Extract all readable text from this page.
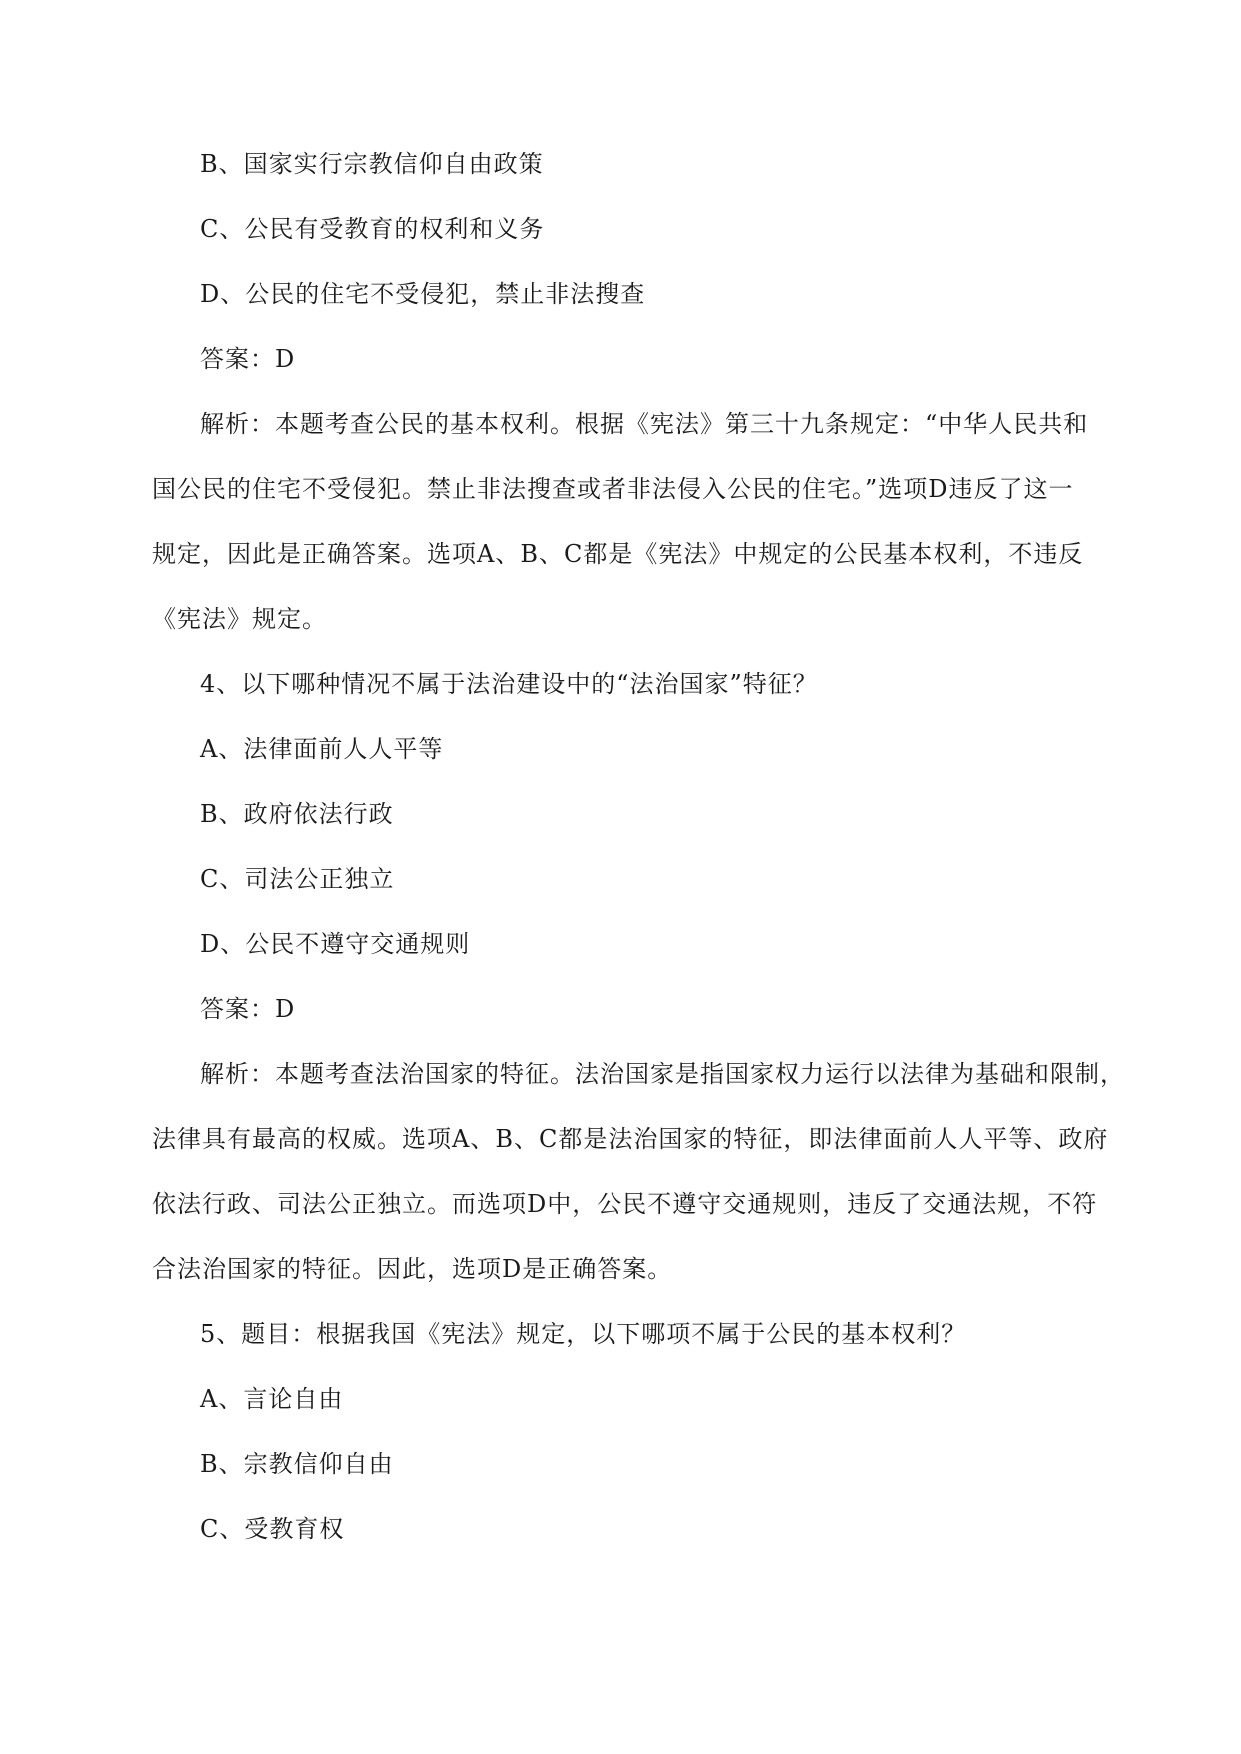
B、国家实行宗教信仰自由政策
C、公民有受教育的权利和义务
D、公民的住宅不受侵犯，禁止非法搜查
答案：D
解析：本题考查公民的基本权利。根据《宪法》第三十九条规定：“中华人民共和
国公民的住宅不受侵犯。禁止非法搜查或者非法侵入公民的住宅。”选项D违反了这一
规定，因此是正确答案。选项A、B、C都是《宪法》中规定的公民基本权利，不违反
《宪法》规定。
4、以下哪种情况不属于法治建设中的“法治国家”特征？
A、法律面前人人平等
B、政府依法行政
C、司法公正独立
D、公民不遵守交通规则
答案：D
解析：本题考查法治国家的特征。法治国家是指国家权力运行以法律为基础和限制，
法律具有最高的权威。选项A、B、C都是法治国家的特征，即法律面前人人平等、政府
依法行政、司法公正独立。而选项D中，公民不遵守交通规则，违反了交通法规，不符
合法治国家的特征。因此，选项D是正确答案。
5、题目：根据我国《宪法》规定，以下哪项不属于公民的基本权利？
A、言论自由
B、宗教信仰自由
C、受教育权
